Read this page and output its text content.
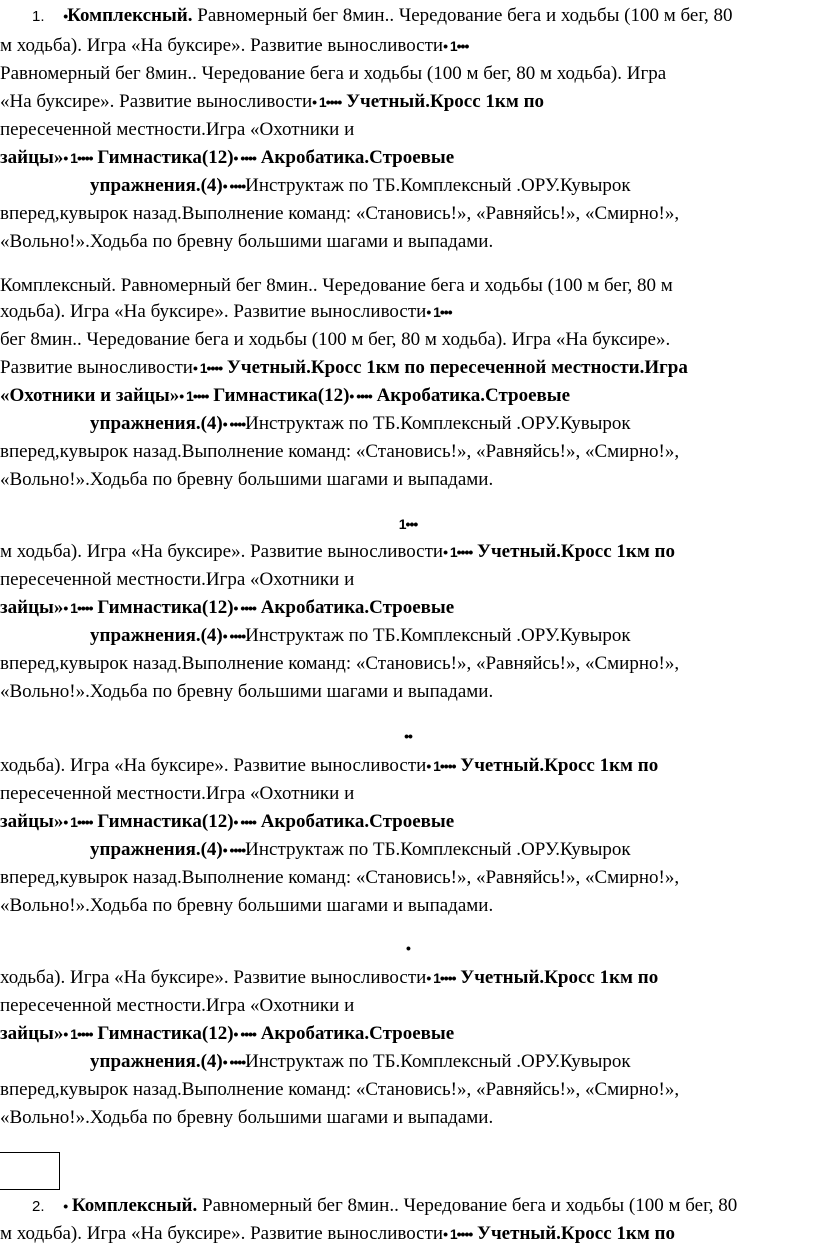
1. •Комплексный. Равномерный бег 8мин.. Чередование бега и ходьбы (100 м бег, 80
м ходьба). Игра «На буксире». Развитие выносливости• 1•••
Равномерный бег 8мин.. Чередование бега и ходьбы (100 м бег, 80 м ходьба). Игра
«На буксире». Развитие выносливости• 1•••• Учетный.Кросс 1км по
пересеченной местности.Игра «Охотники и
зайцы»• 1•••• Гимнастика(12)• •••• Акробатика.Строевые
упражнения.(4)• ••••Инструктаж по ТБ.Комплексный .ОРУ.Кувырок
вперед,кувырок назад.Выполнение команд: «Становись!», «Равняйсь!», «Смирно!»,
«Вольно!».Ходьба по бревну большими шагами и выпадами.
Комплексный. Равномерный бег 8мин.. Чередование бега и ходьбы (100 м бег, 80 м
ходьба). Игра «На буксире». Развитие выносливости• 1•••
бег 8мин.. Чередование бега и ходьбы (100 м бег, 80 м ходьба). Игра «На буксире».
Развитие выносливости• 1•••• Учетный.Кросс 1км по пересеченной местности.Игра
«Охотники и зайцы»• 1•••• Гимнастика(12)• •••• Акробатика.Строевые
упражнения.(4)• ••••Инструктаж по ТБ.Комплексный .ОРУ.Кувырок
вперед,кувырок назад.Выполнение команд: «Становись!», «Равняйсь!», «Смирно!»,
«Вольно!».Ходьба по бревну большими шагами и выпадами.
1•••
м ходьба). Игра «На буксире». Развитие выносливости• 1•••• Учетный.Кросс 1км по
пересеченной местности.Игра «Охотники и
зайцы»• 1•••• Гимнастика(12)• •••• Акробатика.Строевые
упражнения.(4)• ••••Инструктаж по ТБ.Комплексный .ОРУ.Кувырок
вперед,кувырок назад.Выполнение команд: «Становись!», «Равняйсь!», «Смирно!»,
«Вольно!».Ходьба по бревну большими шагами и выпадами.
••
ходьба). Игра «На буксире». Развитие выносливости• 1•••• Учетный.Кросс 1км по
пересеченной местности.Игра «Охотники и
зайцы»• 1•••• Гимнастика(12)• •••• Акробатика.Строевые
упражнения.(4)• ••••Инструктаж по ТБ.Комплексный .ОРУ.Кувырок
вперед,кувырок назад.Выполнение команд: «Становись!», «Равняйсь!», «Смирно!»,
«Вольно!».Ходьба по бревну большими шагами и выпадами.
•
ходьба). Игра «На буксире». Развитие выносливости• 1•••• Учетный.Кросс 1км по
пересеченной местности.Игра «Охотники и
зайцы»• 1•••• Гимнастика(12)• •••• Акробатика.Строевые
упражнения.(4)• ••••Инструктаж по ТБ.Комплексный .ОРУ.Кувырок
вперед,кувырок назад.Выполнение команд: «Становись!», «Равняйсь!», «Смирно!»,
«Вольно!».Ходьба по бревну большими шагами и выпадами.
2. • Комплексный. Равномерный бег 8мин.. Чередование бега и ходьбы (100 м бег, 80
м ходьба). Игра «На буксире». Развитие выносливости• 1•••• Учетный.Кросс 1км по
